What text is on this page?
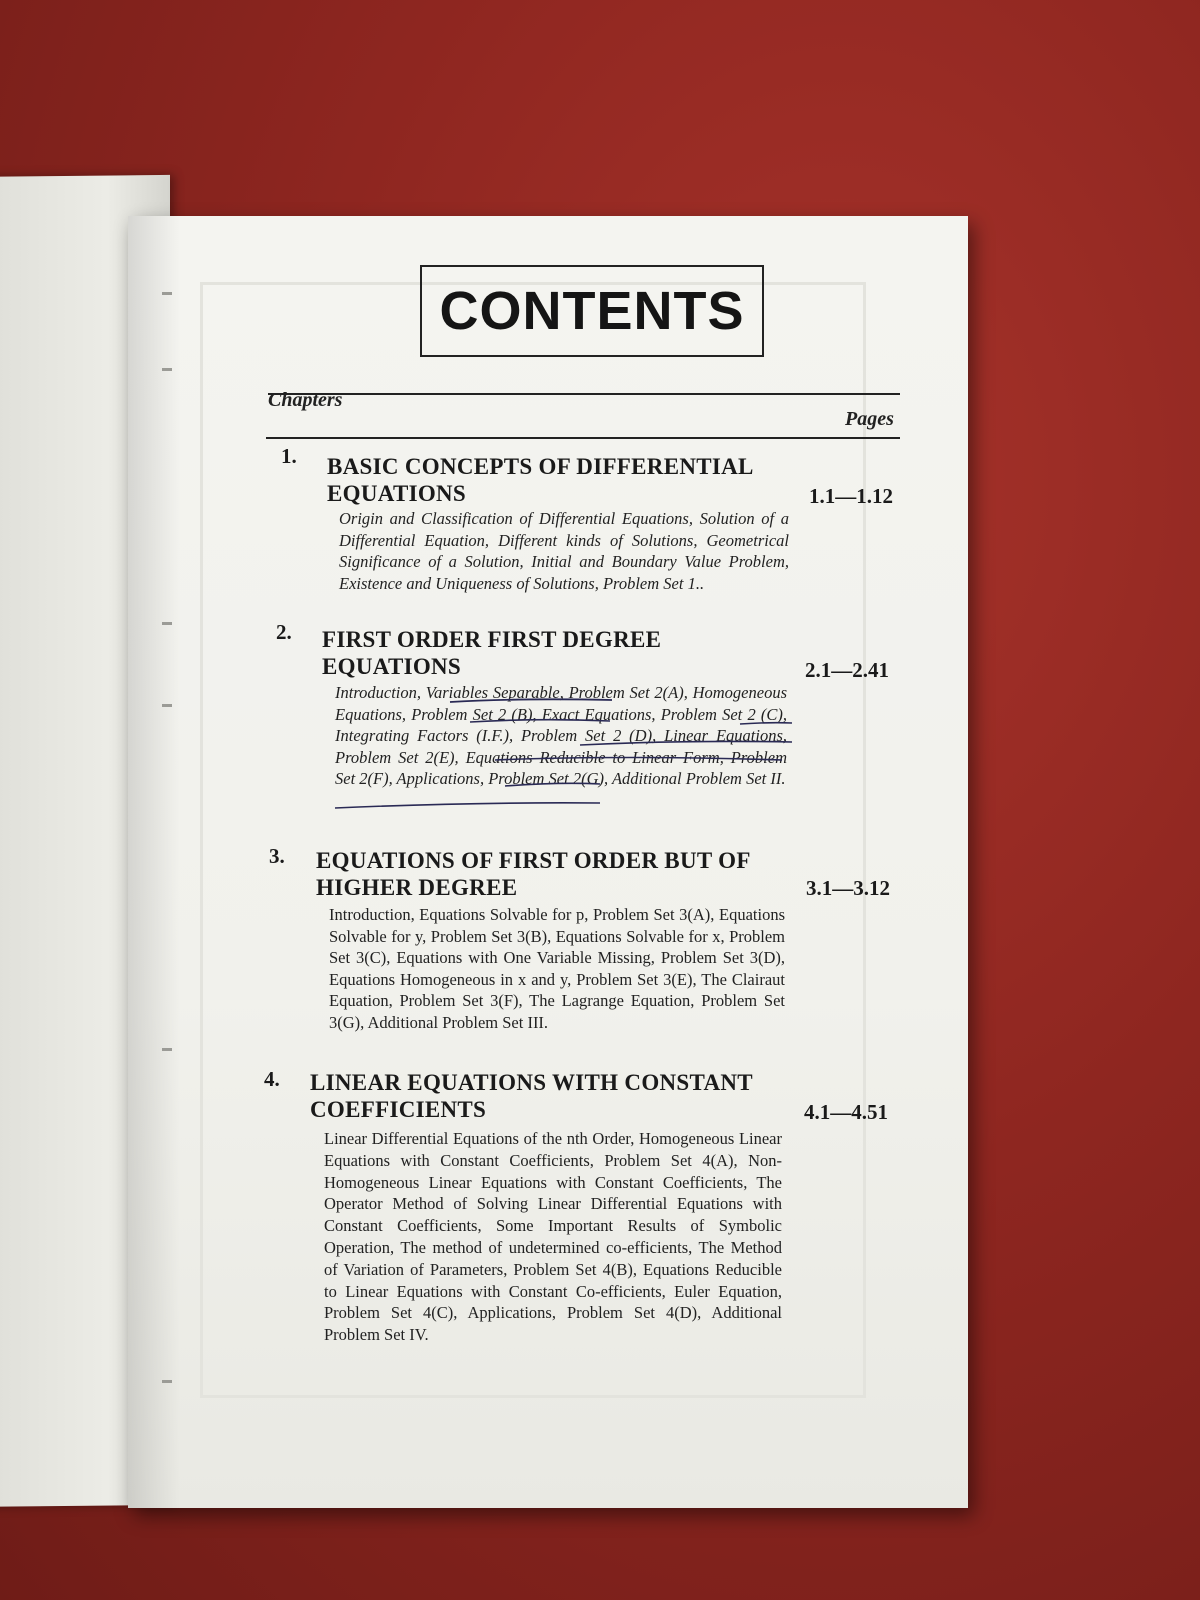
CONTENTS
Chapters
Pages
1. BASIC CONCEPTS OF DIFFERENTIAL
EQUATIONS	1.1—1.12
Origin and Classification of Differential Equations, Solution of a Differential Equation, Different kinds of Solutions, Geometrical Significance of a Solution, Initial and Boundary Value Problem, Existence and Uniqueness of Solutions, Problem Set 1..
2. FIRST ORDER FIRST DEGREE
EQUATIONS	2.1—2.41
Introduction, Variables Separable, Problem Set 2(A), Homogeneous Equations, Problem Set 2 (B), Exact Equations, Problem Set 2 (C), Integrating Factors (I.F.), Problem Set 2 (D), Linear Equations, Problem Set 2(E), Equations Reducible to Linear Form, Problem Set 2(F), Applications, Problem Set 2(G), Additional Problem Set II.
3. EQUATIONS OF FIRST ORDER BUT OF
HIGHER DEGREE	3.1—3.12
Introduction, Equations Solvable for p, Problem Set 3(A), Equations Solvable for y, Problem Set 3(B), Equations Solvable for x, Problem Set 3(C), Equations with One Variable Missing, Problem Set 3(D), Equations Homogeneous in x and y, Problem Set 3(E), The Clairaut Equation, Problem Set 3(F), The Lagrange Equation, Problem Set 3(G), Additional Problem Set III.
4. LINEAR EQUATIONS WITH CONSTANT
COEFFICIENTS	4.1—4.51
Linear Differential Equations of the nth Order, Homogeneous Linear Equations with Constant Coefficients, Problem Set 4(A), Non- Homogeneous Linear Equations with Constant Coefficients, The Operator Method of Solving Linear Differential Equations with Constant Coefficients, Some Important Results of Symbolic Operation, The method of undetermined co-efficients, The Method of Variation of Parameters, Problem Set 4(B), Equations Reducible to Linear Equations with Constant Co-efficients, Euler Equation, Problem Set 4(C), Applications, Problem Set 4(D), Additional Problem Set IV.
